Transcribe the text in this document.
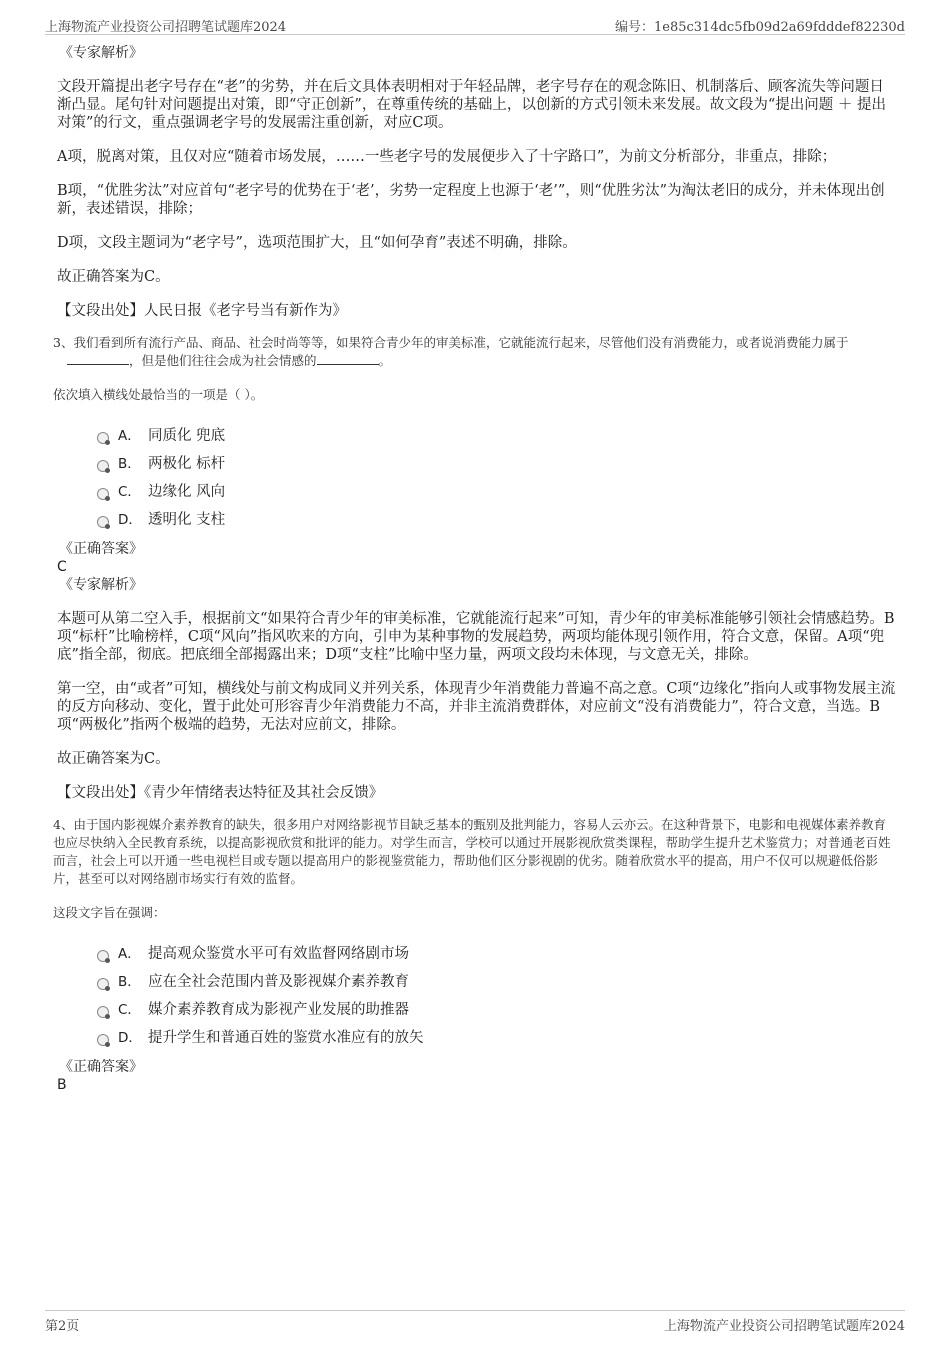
上海物流产业投资公司招聘笔试题库2024	编号：1e85c314dc5fb09d2a69fdddef82230d

《专家解析》

文段开篇提出老字号存在“老”的劣势，并在后文具体表明相对于年轻品牌，老字号存在的观念陈旧、机制落后、顾客流失等问题日渐凸显。尾句针对问题提出对策，即“守正创新”，在尊重传统的基础上，以创新的方式引领未来发展。故文段为“提出问题 ＋ 提出对策”的行文，重点强调老字号的发展需注重创新，对应C项。

A项，脱离对策，且仅对应“随着市场发展，……一些老字号的发展便步入了十字路口”，为前文分析部分，非重点，排除；

B项，“优胜劣汰”对应首句“老字号的优势在于‘老’，劣势一定程度上也源于‘老’”，则“优胜劣汰”为淘汰老旧的成分，并未体现出创新，表述错误，排除；

D项，文段主题词为“老字号”，选项范围扩大，且“如何孕育”表述不明确，排除。

故正确答案为C。

【文段出处】人民日报《老字号当有新作为》

3、我们看到所有流行产品、商品、社会时尚等等，如果符合青少年的审美标准，它就能流行起来，尽管他们没有消费能力，或者说消费能力属于，但是他们往往会成为社会情感的	。

依次填入横线处最恰当的一项是（ ）。

A． 同质化 兜底
B． 两极化 标杆
C． 边缘化 风向
D． 透明化 支柱

《正确答案》

C

《专家解析》

本题可从第二空入手，根据前文“如果符合青少年的审美标准，它就能流行起来”可知，青少年的审美标准能够引领社会情感趋势。B项“标杆”比喻榜样，C项“风向”指风吹来的方向，引申为某种事物的发展趋势，两项均能体现引领作用，符合文意，保留。A项“兜底”指全部，彻底。把底细全部揭露出来；D项“支柱”比喻中坚力量，两项文段均未体现，与文意无关，排除。

第一空，由“或者”可知，横线处与前文构成同义并列关系，体现青少年消费能力普遍不高之意。C项“边缘化”指向人或事物发展主流的反方向移动、变化，置于此处可形容青少年消费能力不高，并非主流消费群体，对应前文“没有消费能力”，符合文意，当选。B项“两极化”指两个极端的趋势，无法对应前文，排除。

故正确答案为C。

【文段出处】《青少年情绪表达特征及其社会反馈》

4、由于国内影视媒介素养教育的缺失，很多用户对网络影视节目缺乏基本的甄别及批判能力，容易人云亦云。在这种背景下，电影和电视媒体素养教育也应尽快纳入全民教育系统，以提高影视欣赏和批评的能力。对学生而言，学校可以通过开展影视欣赏类课程，帮助学生提升艺术鉴赏力；对普通老百姓而言，社会上可以开通一些电视栏目或专题以提高用户的影视鉴赏能力，帮助他们区分影视剧的优劣。随着欣赏水平的提高，用户不仅可以规避低俗影片，甚至可以对网络剧市场实行有效的监督。

这段文字旨在强调：

A． 提高观众鉴赏水平可有效监督网络剧市场
B． 应在全社会范围内普及影视媒介素养教育
C． 媒介素养教育成为影视产业发展的助推器
D． 提升学生和普通百姓的鉴赏水准应有的放矢

《正确答案》

B

第2页	上海物流产业投资公司招聘笔试题库2024
